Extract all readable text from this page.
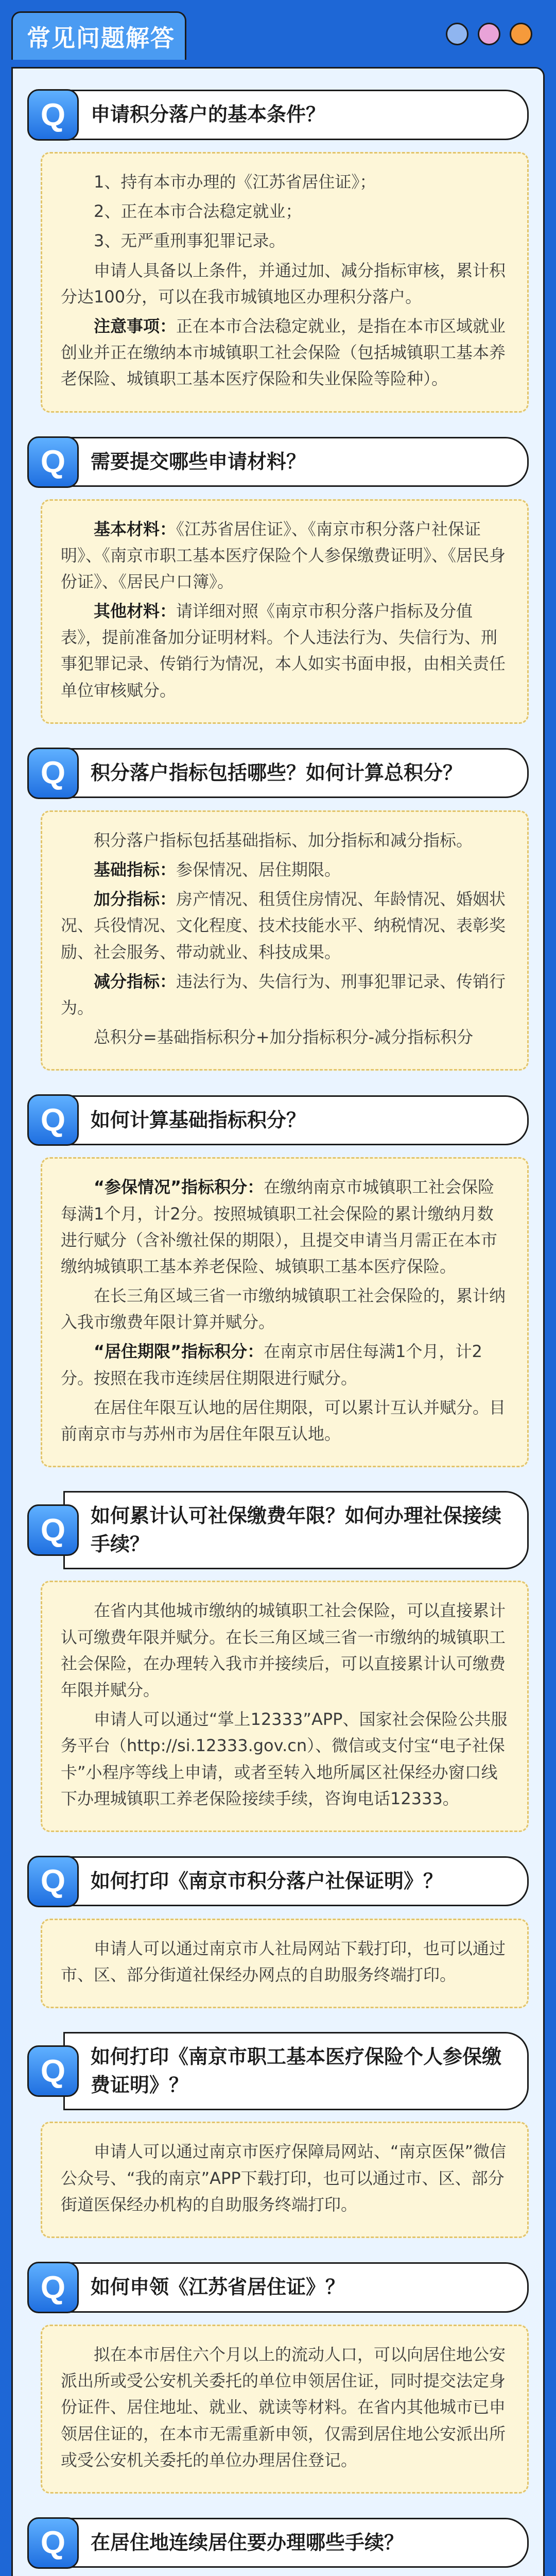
常见问题解答
Q	申请积分落户的基本条件？

1、持有本市办理的《江苏省居住证》；

2、正在本市合法稳定就业；

3、无严重刑事犯罪记录。

申请人具备以上条件，并通过加、减分指标审核，累计积分达100分，可以在我市城镇地区办理积分落户。

注意事项：正在本市合法稳定就业，是指在本市区域就业创业并正在缴纳本市城镇职工社会保险（包括城镇职工基本养老保险、城镇职工基本医疗保险和失业保险等险种）。

Q	需要提交哪些申请材料？

基本材料：《江苏省居住证》、《南京市积分落户社保证明》、《南京市职工基本医疗保险个人参保缴费证明》、《居民身份证》、《居民户口簿》。

其他材料：请详细对照《南京市积分落户指标及分值表》，提前准备加分证明材料。个人违法行为、失信行为、刑事犯罪记录、传销行为情况，本人如实书面申报，由相关责任单位审核赋分。

Q	积分落户指标包括哪些？如何计算总积分？

积分落户指标包括基础指标、加分指标和减分指标。

基础指标：参保情况、居住期限。

加分指标：房产情况、租赁住房情况、年龄情况、婚姻状况、兵役情况、文化程度、技术技能水平、纳税情况、表彰奖励、社会服务、带动就业、科技成果。

减分指标：违法行为、失信行为、刑事犯罪记录、传销行为。

总积分=基础指标积分+加分指标积分-减分指标积分

Q	如何计算基础指标积分？

“参保情况”指标积分：在缴纳南京市城镇职工社会保险每满1个月，计2分。按照城镇职工社会保险的累计缴纳月数进行赋分（含补缴社保的期限），且提交申请当月需正在本市缴纳城镇职工基本养老保险、城镇职工基本医疗保险。

在长三角区域三省一市缴纳城镇职工社会保险的，累计纳入我市缴费年限计算并赋分。

“居住期限”指标积分：在南京市居住每满1个月，计2分。按照在我市连续居住期限进行赋分。

在居住年限互认地的居住期限，可以累计互认并赋分。目前南京市与苏州市为居住年限互认地。

Q	如何累计认可社保缴费年限？如何办理社保接续手续？

在省内其他城市缴纳的城镇职工社会保险，可以直接累计认可缴费年限并赋分。在长三角区域三省一市缴纳的城镇职工社会保险，在办理转入我市并接续后，可以直接累计认可缴费年限并赋分。

申请人可以通过“掌上12333”APP、国家社会保险公共服务平台（http://si.12333.gov.cn）、微信或支付宝“电子社保卡”小程序等线上申请，或者至转入地所属区社保经办窗口线下办理城镇职工养老保险接续手续，咨询电话12333。

Q	如何打印《南京市积分落户社保证明》？

申请人可以通过南京市人社局网站下载打印，也可以通过市、区、部分街道社保经办网点的自助服务终端打印。

Q	如何打印《南京市职工基本医疗保险个人参保缴费证明》？

申请人可以通过南京市医疗保障局网站、“南京医保”微信公众号、“我的南京”APP下载打印，也可以通过市、区、部分街道医保经办机构的自助服务终端打印。

Q	如何申领《江苏省居住证》？

拟在本市居住六个月以上的流动人口，可以向居住地公安派出所或受公安机关委托的单位申领居住证，同时提交法定身份证件、居住地址、就业、就读等材料。在省内其他城市已申领居住证的，在本市无需重新申领，仅需到居住地公安派出所或受公安机关委托的单位办理居住登记。

Q	在居住地连续居住要办理哪些手续？
